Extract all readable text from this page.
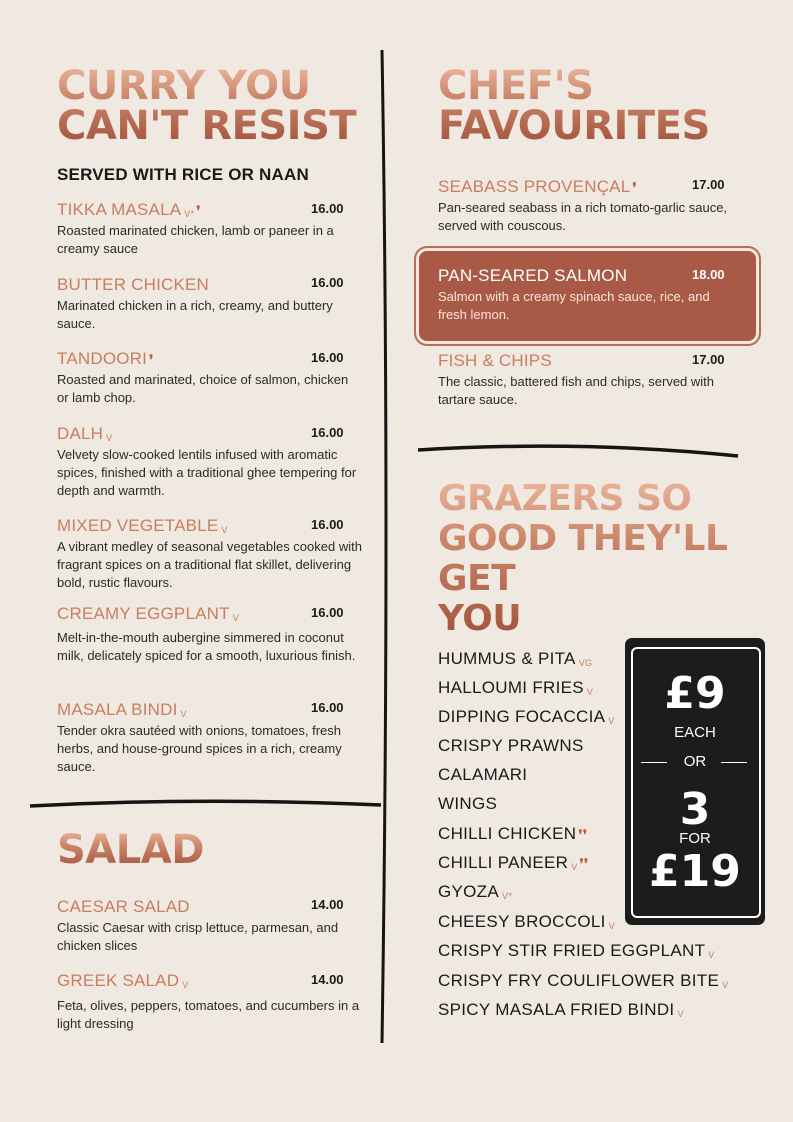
CURRY YOU
CAN'T RESIST
SERVED WITH RICE OR NAAN
TIKKA MASALA V* ❜
Roasted marinated chicken, lamb or paneer in a creamy sauce
16.00
BUTTER CHICKEN
Marinated chicken in a rich, creamy, and buttery sauce.
16.00
TANDOORI ❜
Roasted and marinated, choice of salmon, chicken or lamb chop.
16.00
DALH V
Velvety slow-cooked lentils infused with aromatic spices, finished with a traditional ghee tempering for depth and warmth.
16.00
MIXED VEGETABLE V
A vibrant medley of seasonal vegetables cooked with fragrant spices on a traditional flat skillet, delivering bold, rustic flavours.
16.00
CREAMY EGGPLANT V
Melt-in-the-mouth aubergine simmered in coconut milk, delicately spiced for a smooth, luxurious finish.
16.00
MASALA BINDI V
Tender okra sautéed with onions, tomatoes, fresh herbs, and house-ground spices in a rich, creamy sauce.
16.00
SALAD
CAESAR SALAD
Classic Caesar with crisp lettuce, parmesan, and chicken slices
14.00
GREEK SALAD V
Feta, olives, peppers, tomatoes, and cucumbers in a light dressing
14.00
CHEF'S
FAVOURITES
SEABASS PROVENÇAL ❜
Pan-seared seabass in a rich tomato-garlic sauce, served with couscous.
17.00
PAN-SEARED SALMON
Salmon with a creamy spinach sauce, rice, and fresh lemon.
18.00
FISH & CHIPS
The classic, battered fish and chips, served with tartare sauce.
17.00
GRAZERS SO
GOOD THEY'LL
GET
YOU
HUMMUS & PITA VG
HALLOUMI FRIES V
DIPPING FOCACCIA V
CRISPY PRAWNS
CALAMARI
WINGS
CHILLI CHICKEN ❜❜
CHILLI PANEER V ❜❜
GYOZA V*
CHEESY BROCCOLI V
CRISPY STIR FRIED EGGPLANT V
CRISPY FRY COULIFLOWER BITE V
SPICY MASALA FRIED BINDI V
£9
EACH
OR
3
FOR
£19
